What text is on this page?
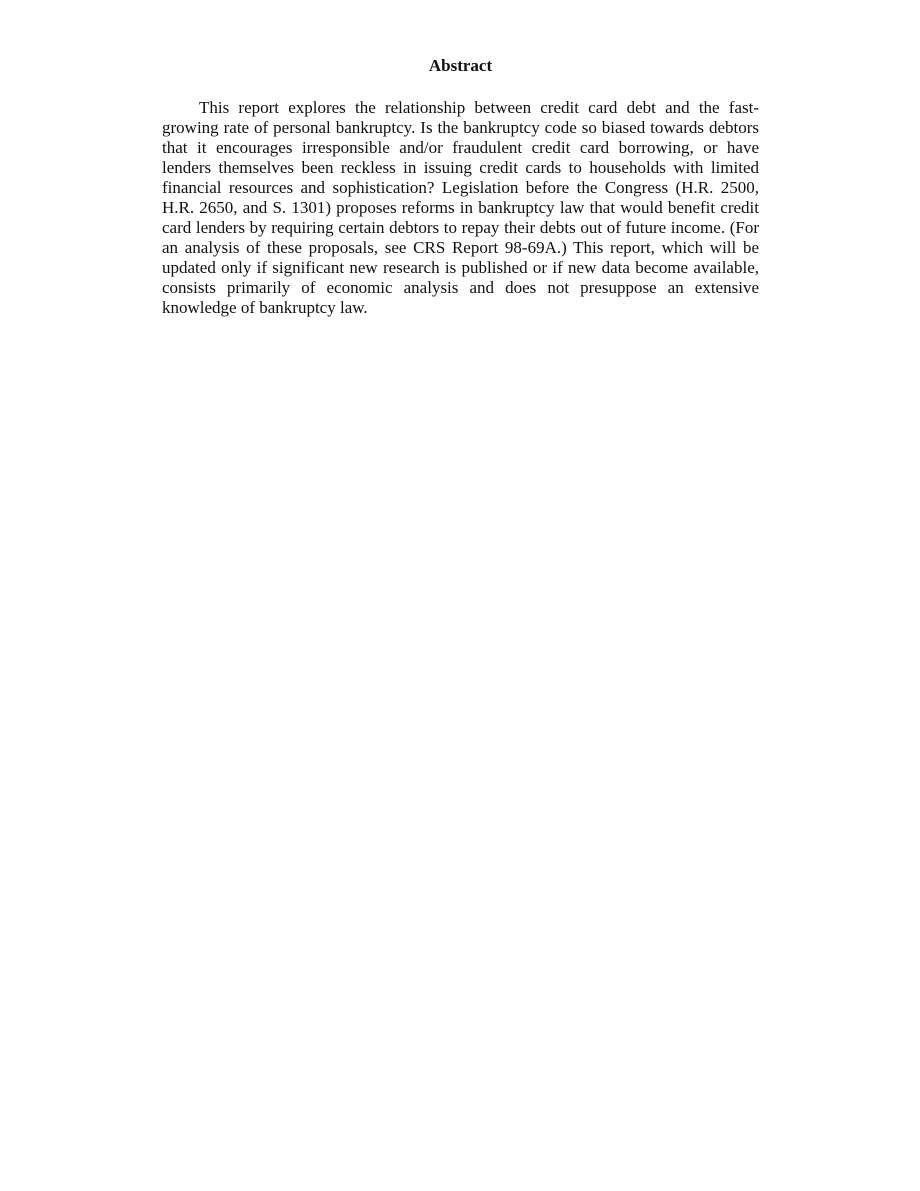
Abstract

This report explores the relationship between credit card debt and the fast-growing rate of personal bankruptcy. Is the bankruptcy code so biased towards debtors that it encourages irresponsible and/or fraudulent credit card borrowing, or have lenders themselves been reckless in issuing credit cards to households with limited financial resources and sophistication? Legislation before the Congress (H.R. 2500, H.R. 2650, and S. 1301) proposes reforms in bankruptcy law that would benefit credit card lenders by requiring certain debtors to repay their debts out of future income. (For an analysis of these proposals, see CRS Report 98-69A.) This report, which will be updated only if significant new research is published or if new data become available, consists primarily of economic analysis and does not presuppose an extensive knowledge of bankruptcy law.
